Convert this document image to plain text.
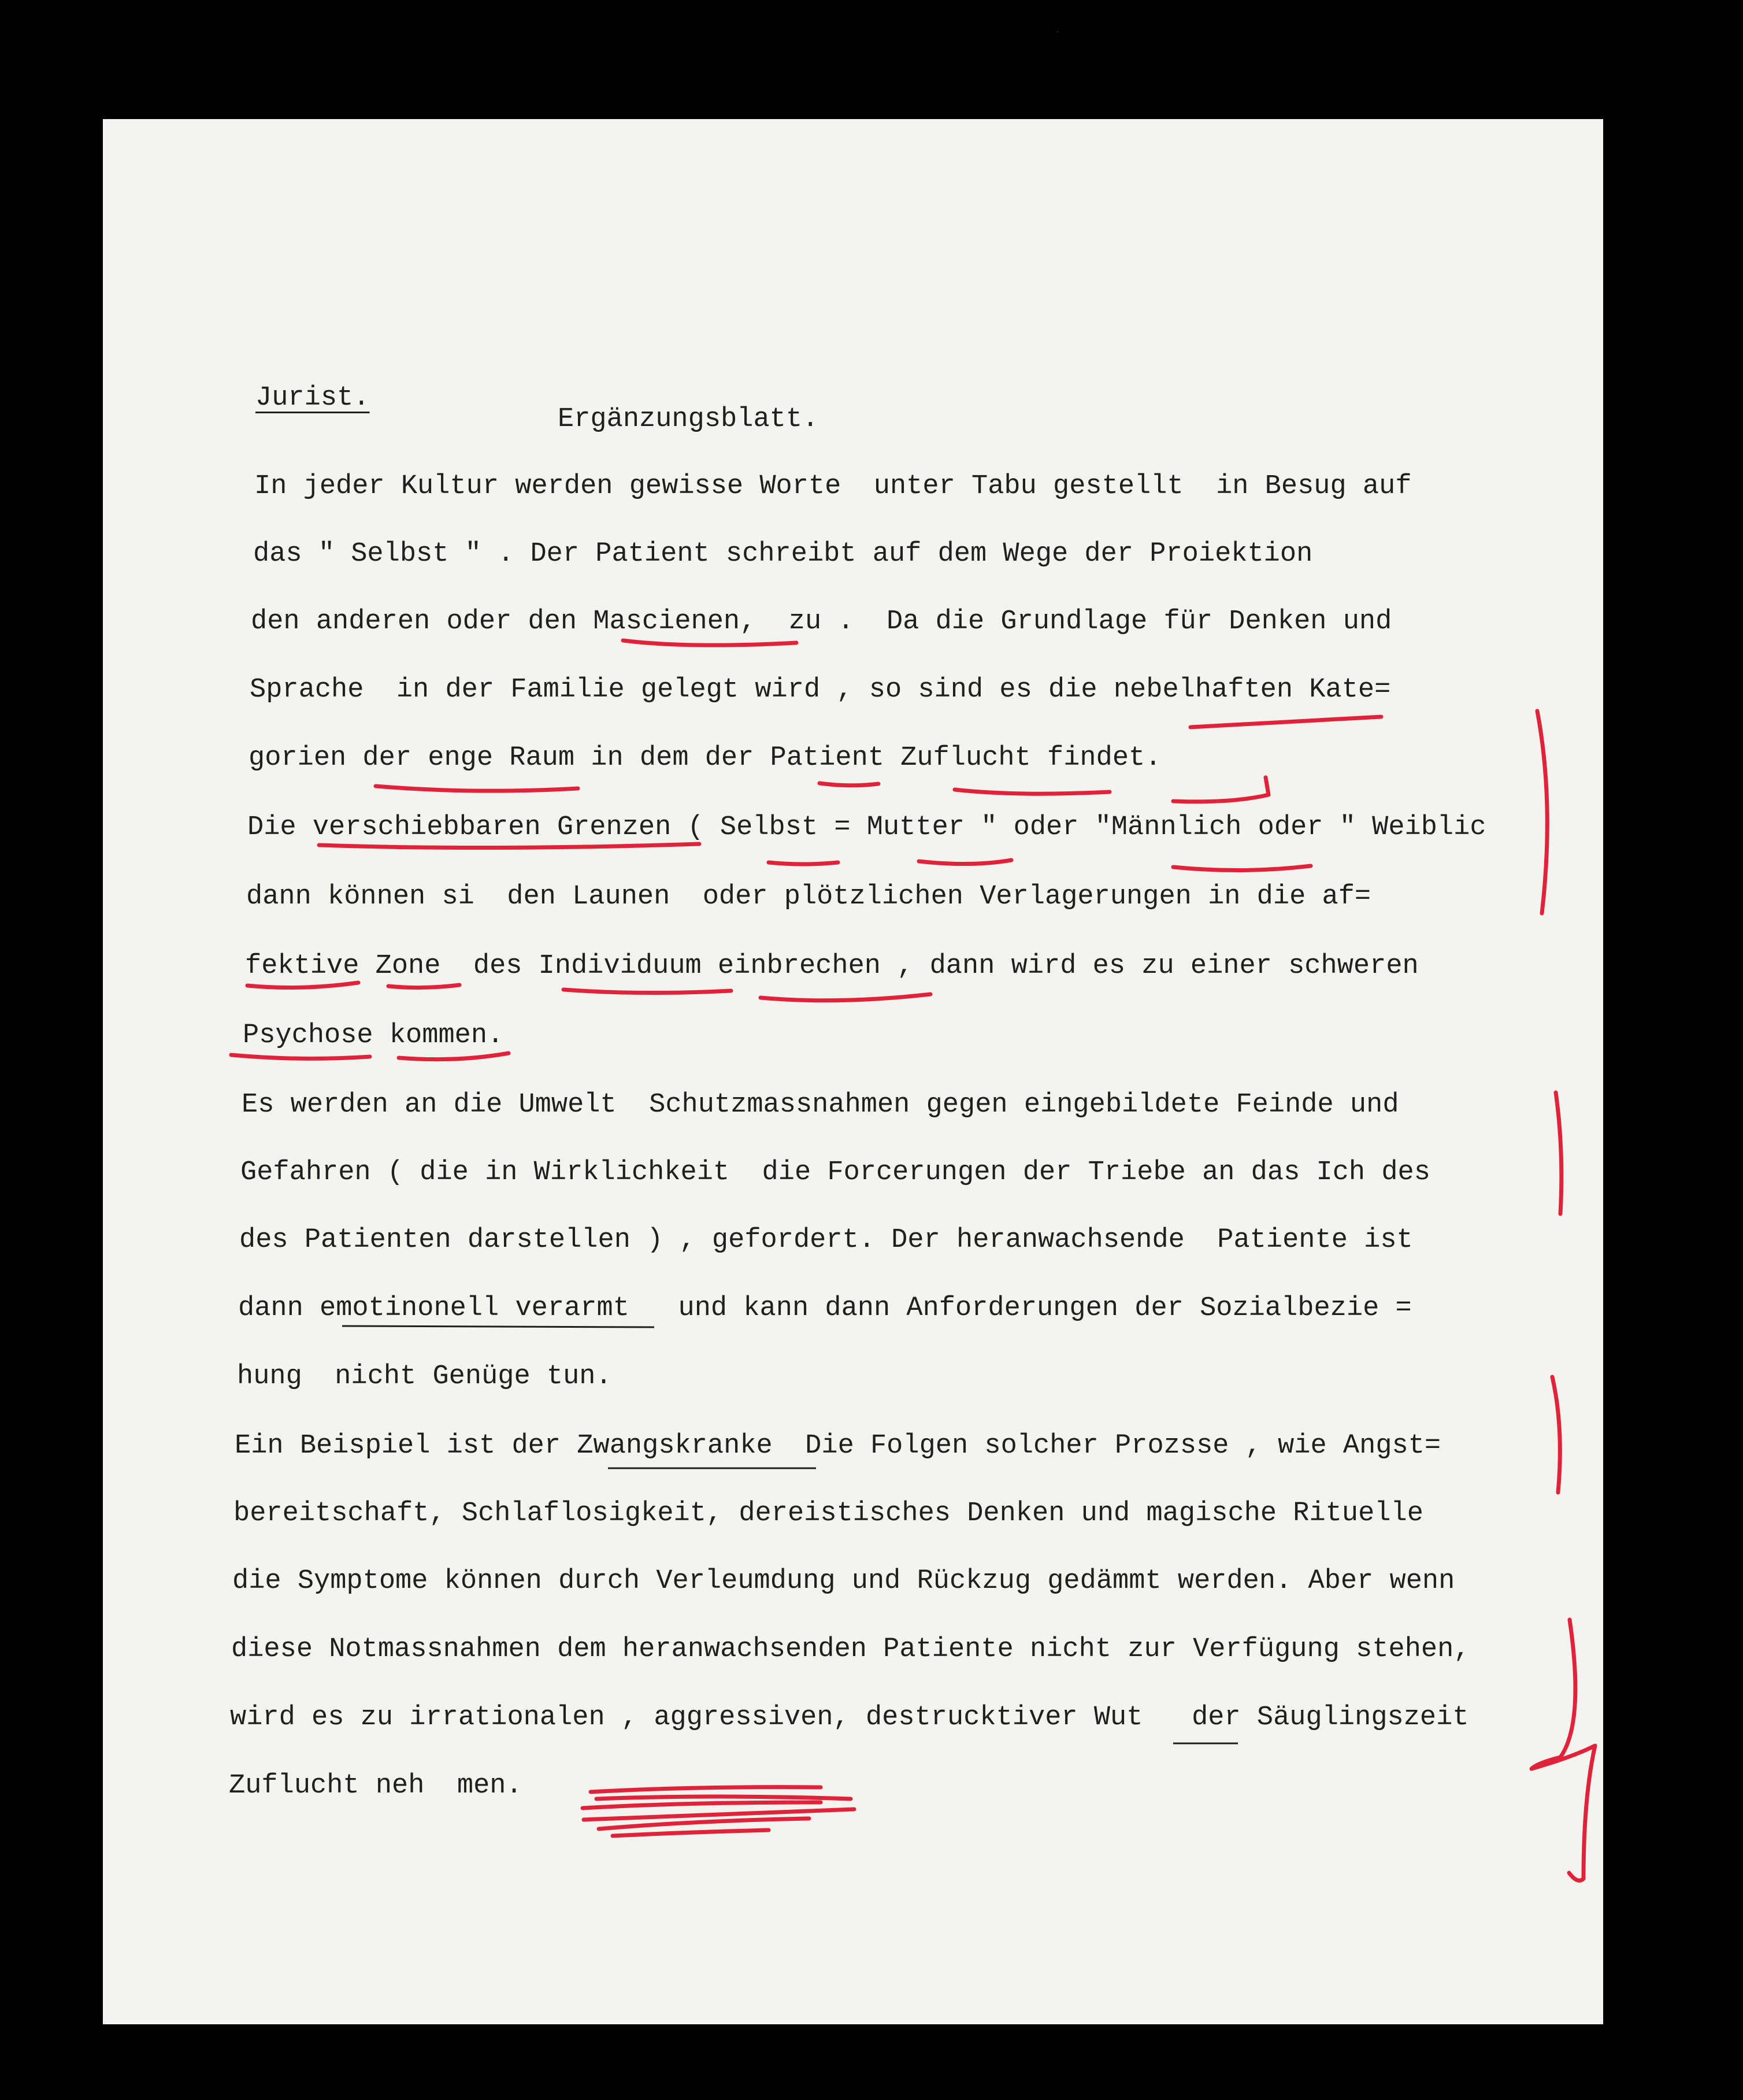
Jurist.
Ergänzungsblatt.
In jeder Kultur werden gewisse Worte  unter Tabu gestellt  in Besug auf
das " Selbst " . Der Patient schreibt auf dem Wege der Proiektion
den anderen oder den Mascienen,  zu .  Da die Grundlage für Denken und
Sprache  in der Familie gelegt wird , so sind es die nebelhaften Kate=
gorien der enge Raum in dem der Patient Zuflucht findet.
Die verschiebbaren Grenzen ( Selbst = Mutter " oder "Männlich oder " Weiblic
dann können si  den Launen  oder plötzlichen Verlagerungen in die af=
fektive Zone  des Individuum einbrechen , dann wird es zu einer schweren
Psychose kommen.
Es werden an die Umwelt  Schutzmassnahmen gegen eingebildete Feinde und
Gefahren ( die in Wirklichkeit  die Forcerungen der Triebe an das Ich des
des Patienten darstellen ) , gefordert. Der heranwachsende  Patiente ist
dann emotinonell verarmt   und kann dann Anforderungen der Sozialbezie =
hung  nicht Genüge tun.
Ein Beispiel ist der Zwangskranke  Die Folgen solcher Prozsse , wie Angst=
bereitschaft, Schlaflosigkeit, dereistisches Denken und magische Rituelle
die Symptome können durch Verleumdung und Rückzug gedämmt werden. Aber wenn
diese Notmassnahmen dem heranwachsenden Patiente nicht zur Verfügung stehen,
wird es zu irrationalen , aggressiven, destrucktiver Wut   der Säuglingszeit
Zuflucht neh  men.
·
